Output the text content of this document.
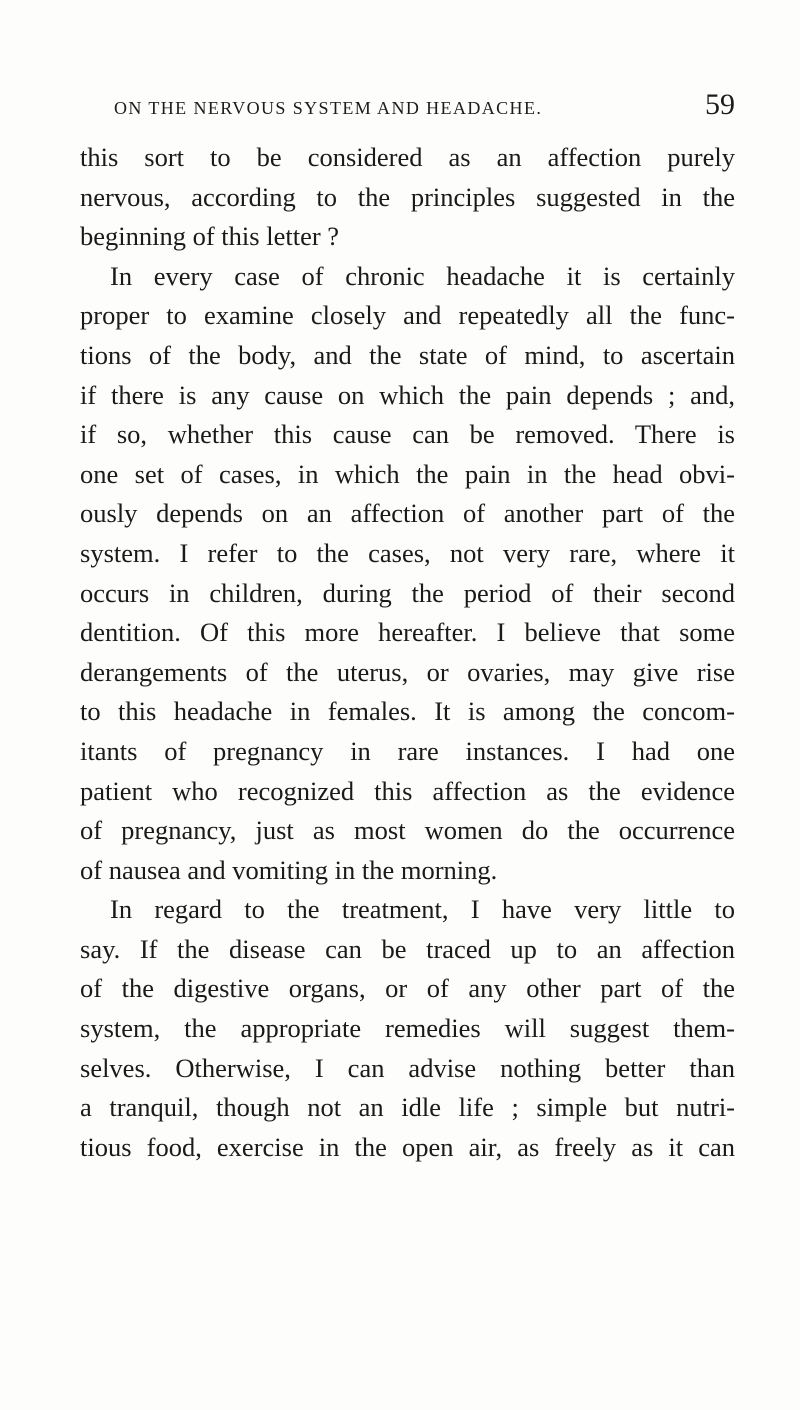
ON THE NERVOUS SYSTEM AND HEADACHE.	59
this sort to be considered as an affection purely
nervous, according to the principles suggested in the
beginning of this letter ?
In every case of chronic headache it is certainly
proper to examine closely and repeatedly all the func-
tions of the body, and the state of mind, to ascertain
if there is any cause on which the pain depends ; and,
if so, whether this cause can be removed. There is
one set of cases, in which the pain in the head obvi-
ously depends on an affection of another part of the
system. I refer to the cases, not very rare, where it
occurs in children, during the period of their second
dentition. Of this more hereafter. I believe that some
derangements of the uterus, or ovaries, may give rise
to this headache in females. It is among the concom-
itants of pregnancy in rare instances. I had one
patient who recognized this affection as the evidence
of pregnancy, just as most women do the occurrence
of nausea and vomiting in the morning.
In regard to the treatment, I have very little to
say. If the disease can be traced up to an affection
of the digestive organs, or of any other part of the
system, the appropriate remedies will suggest them-
selves. Otherwise, I can advise nothing better than
a tranquil, though not an idle life ; simple but nutri-
tious food, exercise in the open air, as freely as it can
